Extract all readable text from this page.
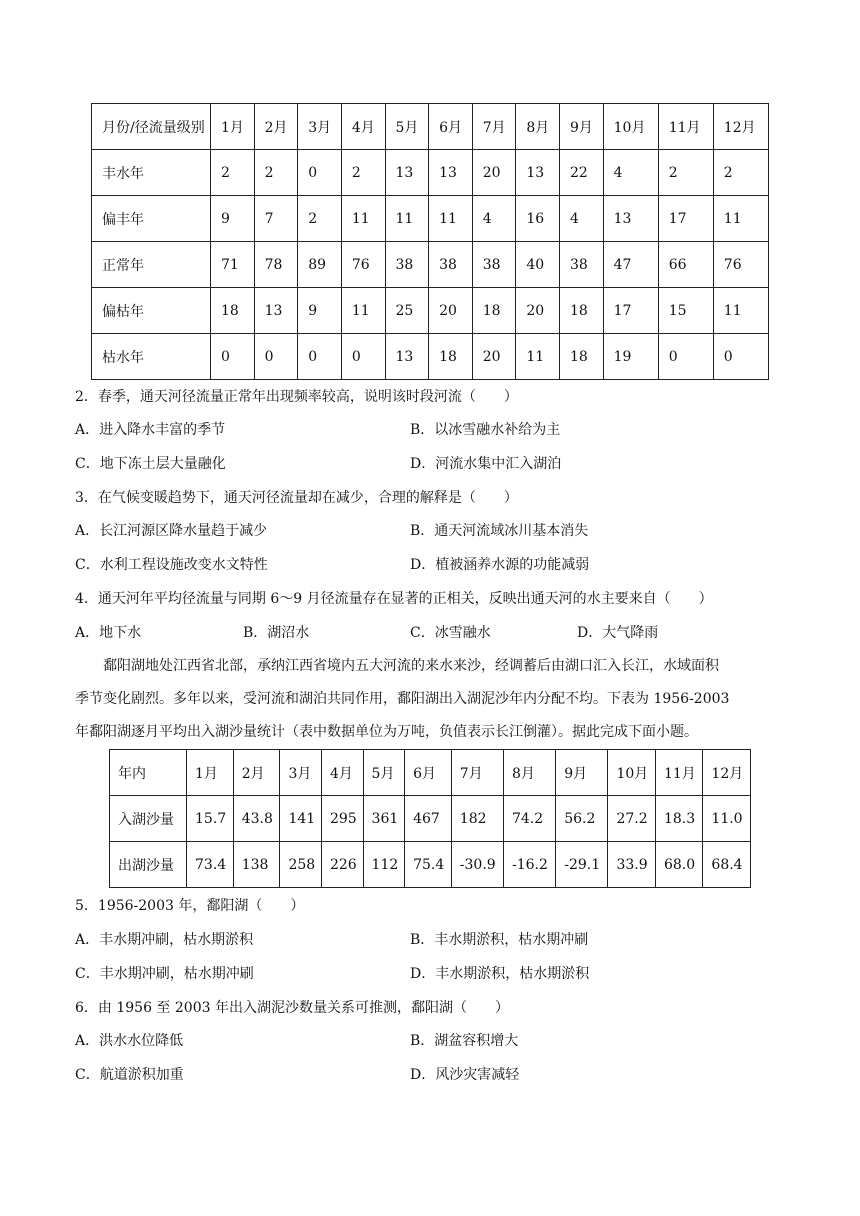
月份/径流量级别	1月	2月	3月	4月	5月	6月	7月	8月	9月	10月	11月	12月
丰水年	2	2	0	2	13	13	20	13	22	4	2	2
偏丰年	9	7	2	11	11	11	4	16	4	13	17	11
正常年	71	78	89	76	38	38	38	40	38	47	66	76
偏枯年	18	13	9	11	25	20	18	20	18	17	15	11
枯水年	0	0	0	0	13	18	20	11	18	19	0	0
2．春季，通天河径流量正常年出现频率较高，说明该时段河流（　　）
A．进入降水丰富的季节	B．以冰雪融水补给为主
C．地下冻土层大量融化	D．河流水集中汇入湖泊
3．在气候变暖趋势下，通天河径流量却在减少，合理的解释是（　　）
A．长江河源区降水量趋于减少	B．通天河流域冰川基本消失
C．水利工程设施改变水文特性	D．植被涵养水源的功能减弱
4．通天河年平均径流量与同期 6～9 月径流量存在显著的正相关，反映出通天河的水主要来自（　　）
A．地下水	B．湖沼水	C．冰雪融水	D．大气降雨
鄱阳湖地处江西省北部，承纳江西省境内五大河流的来水来沙，经调蓄后由湖口汇入长江，水域面积
季节变化剧烈。多年以来，受河流和湖泊共同作用，鄱阳湖出入湖泥沙年内分配不均。下表为 1956-2003
年鄱阳湖逐月平均出入湖沙量统计（表中数据单位为万吨，负值表示长江倒灌）。据此完成下面小题。
年内	1月	2月	3月	4月	5月	6月	7月	8月	9月	10月	11月	12月
入湖沙量	15.7	43.8	141	295	361	467	182	74.2	56.2	27.2	18.3	11.0
出湖沙量	73.4	138	258	226	112	75.4	-30.9	-16.2	-29.1	33.9	68.0	68.4
5．1956-2003 年，鄱阳湖（　　）
A．丰水期冲刷，枯水期淤积	B．丰水期淤积，枯水期冲刷
C．丰水期冲刷，枯水期冲刷	D．丰水期淤积，枯水期淤积
6．由 1956 至 2003 年出入湖泥沙数量关系可推测，鄱阳湖（　　）
A．洪水水位降低	B．湖盆容积增大
C．航道淤积加重	D．风沙灾害减轻
